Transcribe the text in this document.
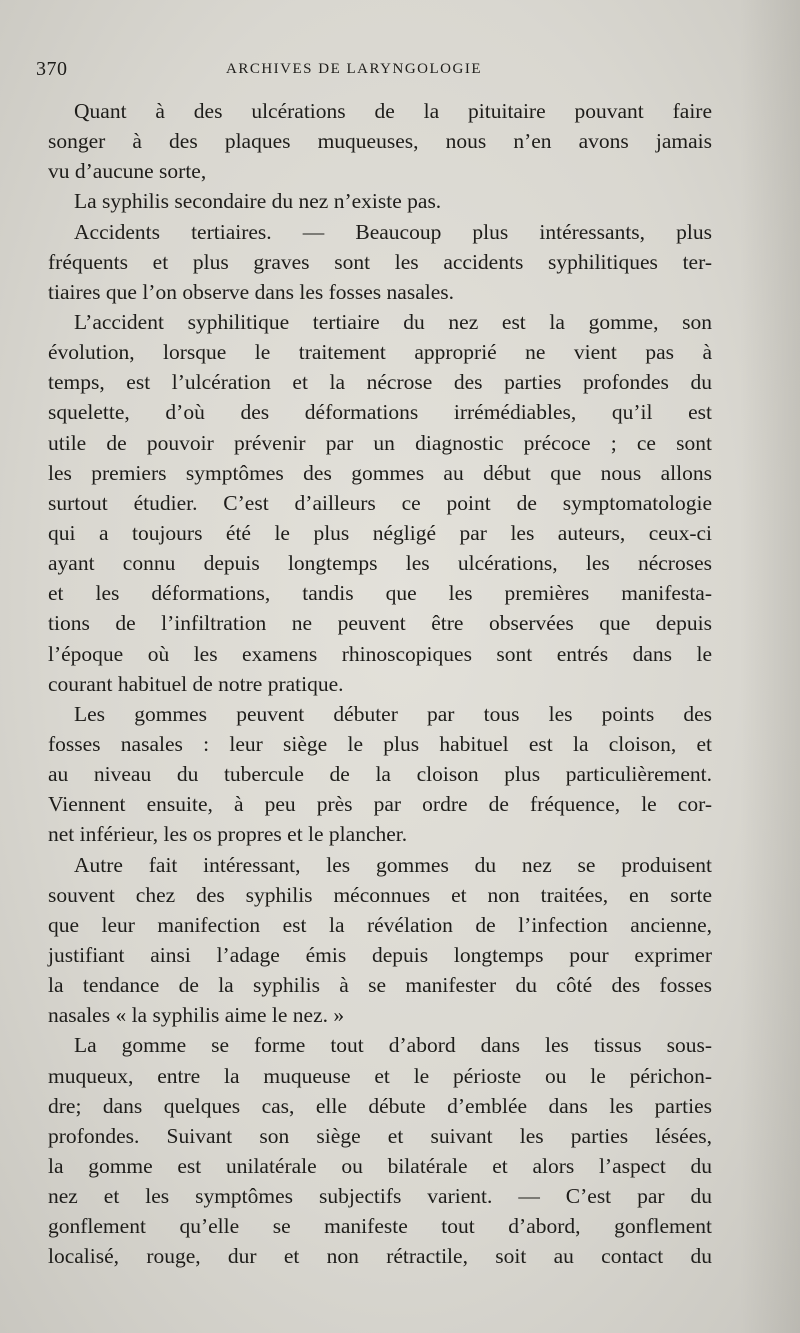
370	ARCHIVES DE LARYNGOLOGIE
Quant à des ulcérations de la pituitaire pouvant faire
songer à des plaques muqueuses, nous n’en avons jamais
vu d’aucune sorte,
La syphilis secondaire du nez n’existe pas.
Accidents tertiaires. — Beaucoup plus intéressants, plus
fréquents et plus graves sont les accidents syphilitiques ter-
tiaires que l’on observe dans les fosses nasales.
L’accident syphilitique tertiaire du nez est la gomme, son
évolution, lorsque le traitement approprié ne vient pas à
temps, est l’ulcération et la nécrose des parties profondes du
squelette, d’où des déformations irrémédiables, qu’il est
utile de pouvoir prévenir par un diagnostic précoce ; ce sont
les premiers symptômes des gommes au début que nous allons
surtout étudier. C’est d’ailleurs ce point de symptomatologie
qui a toujours été le plus négligé par les auteurs, ceux-ci
ayant connu depuis longtemps les ulcérations, les nécroses
et les déformations, tandis que les premières manifesta-
tions de l’infiltration ne peuvent être observées que depuis
l’époque où les examens rhinoscopiques sont entrés dans le
courant habituel de notre pratique.
Les gommes peuvent débuter par tous les points des
fosses nasales : leur siège le plus habituel est la cloison, et
au niveau du tubercule de la cloison plus particulièrement.
Viennent ensuite, à peu près par ordre de fréquence, le cor-
net inférieur, les os propres et le plancher.
Autre fait intéressant, les gommes du nez se produisent
souvent chez des syphilis méconnues et non traitées, en sorte
que leur manifection est la révélation de l’infection ancienne,
justifiant ainsi l’adage émis depuis longtemps pour exprimer
la tendance de la syphilis à se manifester du côté des fosses
nasales « la syphilis aime le nez. »
La gomme se forme tout d’abord dans les tissus sous-
muqueux, entre la muqueuse et le périoste ou le périchon-
dre; dans quelques cas, elle débute d’emblée dans les parties
profondes. Suivant son siège et suivant les parties lésées,
la gomme est unilatérale ou bilatérale et alors l’aspect du
nez et les symptômes subjectifs varient. — C’est par du
gonflement qu’elle se manifeste tout d’abord, gonflement
localisé, rouge, dur et non rétractile, soit au contact du
